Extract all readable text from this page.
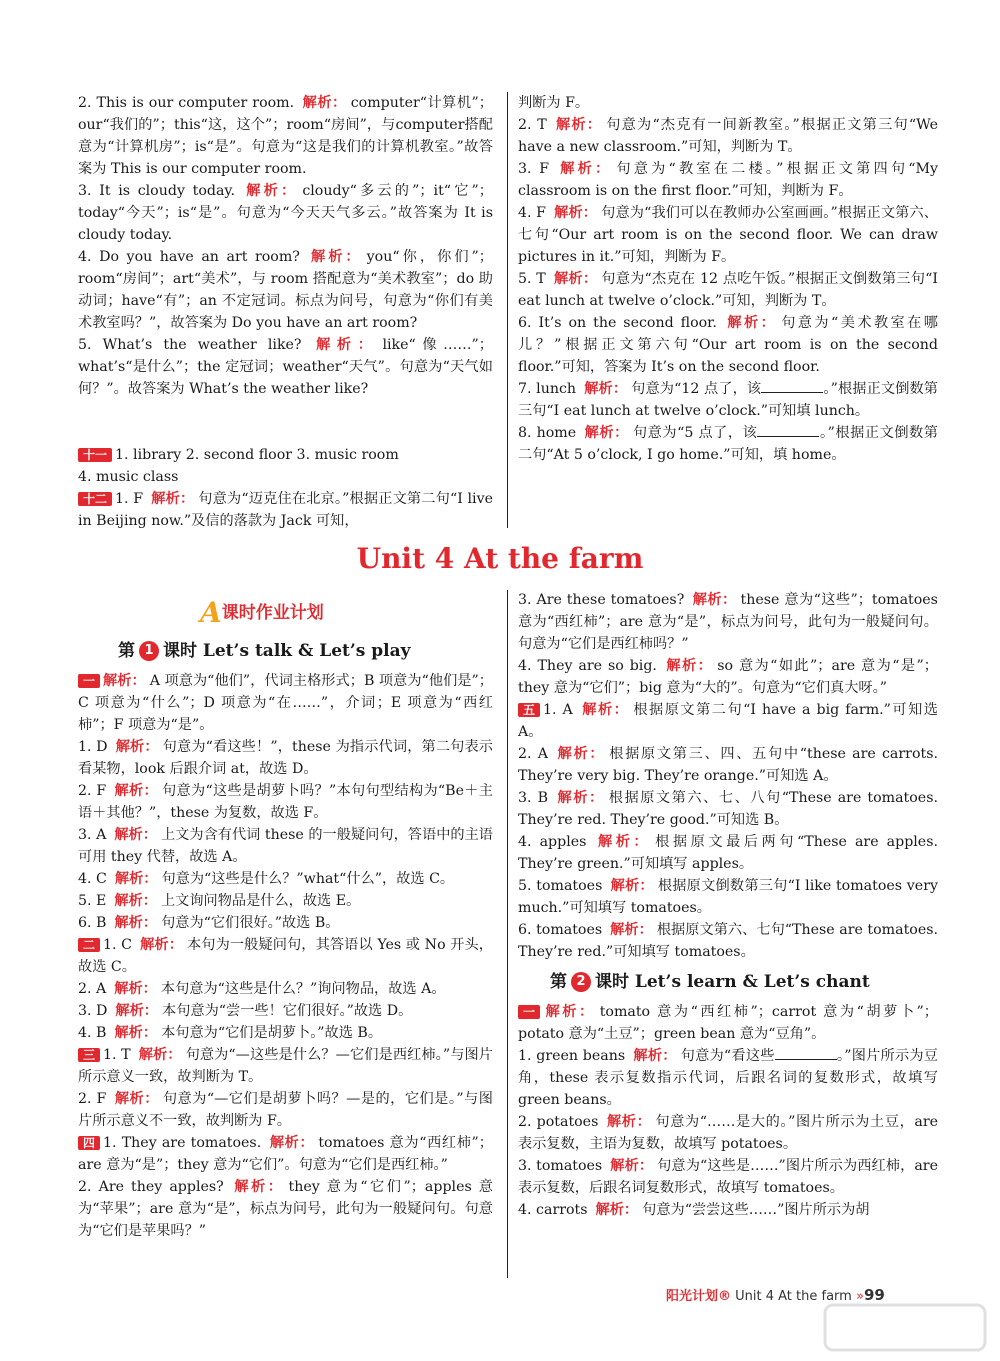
2. This is our computer room. 解析： computer“计算机”；our“我们的”；this“这，这个”；room“房间”，与computer搭配意为“计算机房”；is“是”。句意为“这是我们的计算机教室。”故答案为 This is our computer room.
3. It is cloudy today. 解析： cloudy“多云的”；it“它”；today“今天”；is“是”。句意为“今天天气多云。”故答案为 It is cloudy today.
4. Do you have an art room? 解析： you“你，你们”；room“房间”；art“美术”，与 room 搭配意为“美术教室”；do 助动词；have“有”；an 不定冠词。标点为问号，句意为“你们有美术教室吗？”，故答案为 Do you have an art room?
5. What’s the weather like? 解析： like“像……”；what’s“是什么”；the 定冠词；weather“天气”。句意为“天气如何？”。故答案为 What’s the weather like?
十一 1. library 2. second floor 3. music room
4. music class
十二 1. F 解析： 句意为“迈克住在北京。”根据正文第二句“I live in Beijing now.”及信的落款为 Jack 可知，
判断为 F。
2. T 解析： 句意为“杰克有一间新教室。”根据正文第三句“We have a new classroom.”可知，判断为 T。
3. F 解析： 句意为“教室在二楼。”根据正文第四句“My classroom is on the first floor.”可知，判断为 F。
4. F 解析： 句意为“我们可以在教师办公室画画。”根据正文第六、七句“Our art room is on the second floor. We can draw pictures in it.”可知，判断为 F。
5. T 解析： 句意为“杰克在 12 点吃午饭。”根据正文倒数第三句“I eat lunch at twelve o’clock.”可知，判断为 T。
6. It’s on the second floor. 解析： 句意为“美术教室在哪儿？”根据正文第六句“Our art room is on the second floor.”可知，答案为 It’s on the second floor.
7. lunch 解析： 句意为“12 点了，该	。”根据正文倒数第三句“I eat lunch at twelve o’clock.”可知填 lunch。
8. home 解析： 句意为“5 点了，该	。”根据正文倒数第二句“At 5 o’clock, I go home.”可知，填 home。
Unit 4 At the farm
A课时作业计划
第 1 课时 Let’s talk & Let’s play
一 解析： A 项意为“他们”，代词主格形式；B 项意为“他们是”；C 项意为“什么”；D 项意为“在……”，介词；E 项意为“西红柿”；F 项意为“是”。
1. D 解析： 句意为“看这些！”，these 为指示代词，第二句表示看某物，look 后跟介词 at，故选 D。
2. F 解析： 句意为“这些是胡萝卜吗？”本句句型结构为“Be＋主语＋其他？”，these 为复数，故选 F。
3. A 解析： 上文为含有代词 these 的一般疑问句，答语中的主语可用 they 代替，故选 A。
4. C 解析： 句意为“这些是什么？”what“什么”，故选 C。
5. E 解析： 上文询问物品是什么，故选 E。
6. B 解析： 句意为“它们很好。”故选 B。
二 1. C 解析： 本句为一般疑问句，其答语以 Yes 或 No 开头，故选 C。
2. A 解析： 本句意为“这些是什么？”询问物品，故选 A。
3. D 解析： 本句意为“尝一些！它们很好。”故选 D。
4. B 解析： 本句意为“它们是胡萝卜。”故选 B。
三 1. T 解析： 句意为“—这些是什么？—它们是西红柿。”与图片所示意义一致，故判断为 T。
2. F 解析： 句意为“—它们是胡萝卜吗？—是的，它们是。”与图片所示意义不一致，故判断为 F。
四 1. They are tomatoes. 解析： tomatoes 意为“西红柿”；are 意为“是”；they 意为“它们”。句意为“它们是西红柿。”
2. Are they apples? 解析： they 意为“它们”；apples 意为“苹果”；are 意为“是”，标点为问号，此句为一般疑问句。句意为“它们是苹果吗？”
3. Are these tomatoes? 解析： these 意为“这些”；tomatoes 意为“西红柿”；are 意为“是”，标点为问号，此句为一般疑问句。句意为“它们是西红柿吗？”
4. They are so big. 解析： so 意为“如此”；are 意为“是”；they 意为“它们”；big 意为“大的”。句意为“它们真大呀。”
五 1. A 解析： 根据原文第二句“I have a big farm.”可知选 A。
2. A 解析： 根据原文第三、四、五句中“these are carrots. They’re very big. They’re orange.”可知选 A。
3. B 解析： 根据原文第六、七、八句“These are tomatoes. They’re red. They’re good.”可知选 B。
4. apples 解析： 根据原文最后两句“These are apples. They’re green.”可知填写 apples。
5. tomatoes 解析： 根据原文倒数第三句“I like tomatoes very much.”可知填写 tomatoes。
6. tomatoes 解析： 根据原文第六、七句“These are tomatoes. They’re red.”可知填写 tomatoes。
第 2 课时 Let’s learn & Let’s chant
一 解析： tomato 意为“西红柿”；carrot 意为“胡萝卜”；potato 意为“土豆”；green bean 意为“豆角”。
1. green beans 解析： 句意为“看这些	。”图片所示为豆角，these 表示复数指示代词，后跟名词的复数形式，故填写 green beans。
2. potatoes 解析： 句意为“……是大的。”图片所示为土豆，are 表示复数，主语为复数，故填写 potatoes。
3. tomatoes 解析： 句意为“这些是……”图片所示为西红柿，are 表示复数，后跟名词复数形式，故填写 tomatoes。
4. carrots 解析： 句意为“尝尝这些……”图片所示为胡
阳光计划® Unit 4 At the farm »99
